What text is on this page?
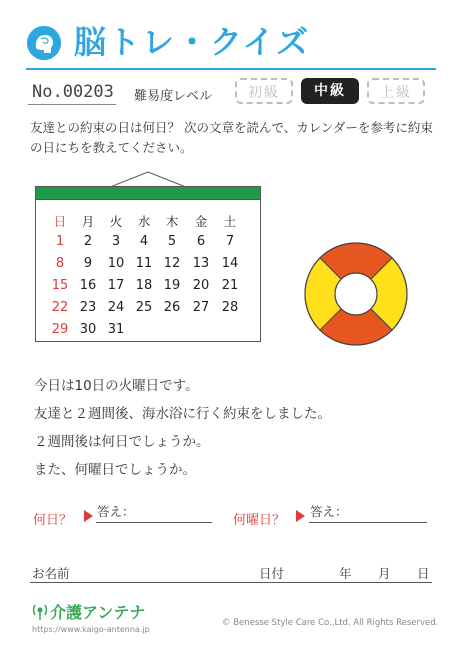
脳トレ・クイズ
No.00203 難易度レベル	初級	中級	上級
友達との約束の日は何日？ 次の文章を読んで、カレンダーを参考に約束の日にちを教えてください。
日	月	火	水	木	金	土
1	2	3	4	5	6	7
8	9	10 11 12 13 14
15 16 17 18 19 20 21
22 23 24 25 26 27 28
29 30 31
今日は10日の火曜日です。
友達と２週間後、海水浴に行く約束をしました。
２週間後は何日でしょうか。
また、何曜日でしょうか。
何日？
答え：
何曜日？
答え：
お名前	日付	年 月 日
介護アンテナ
https://www.kaigo-antenna.jp
© Benesse Style Care Co.,Ltd. All Rights Reserved.
